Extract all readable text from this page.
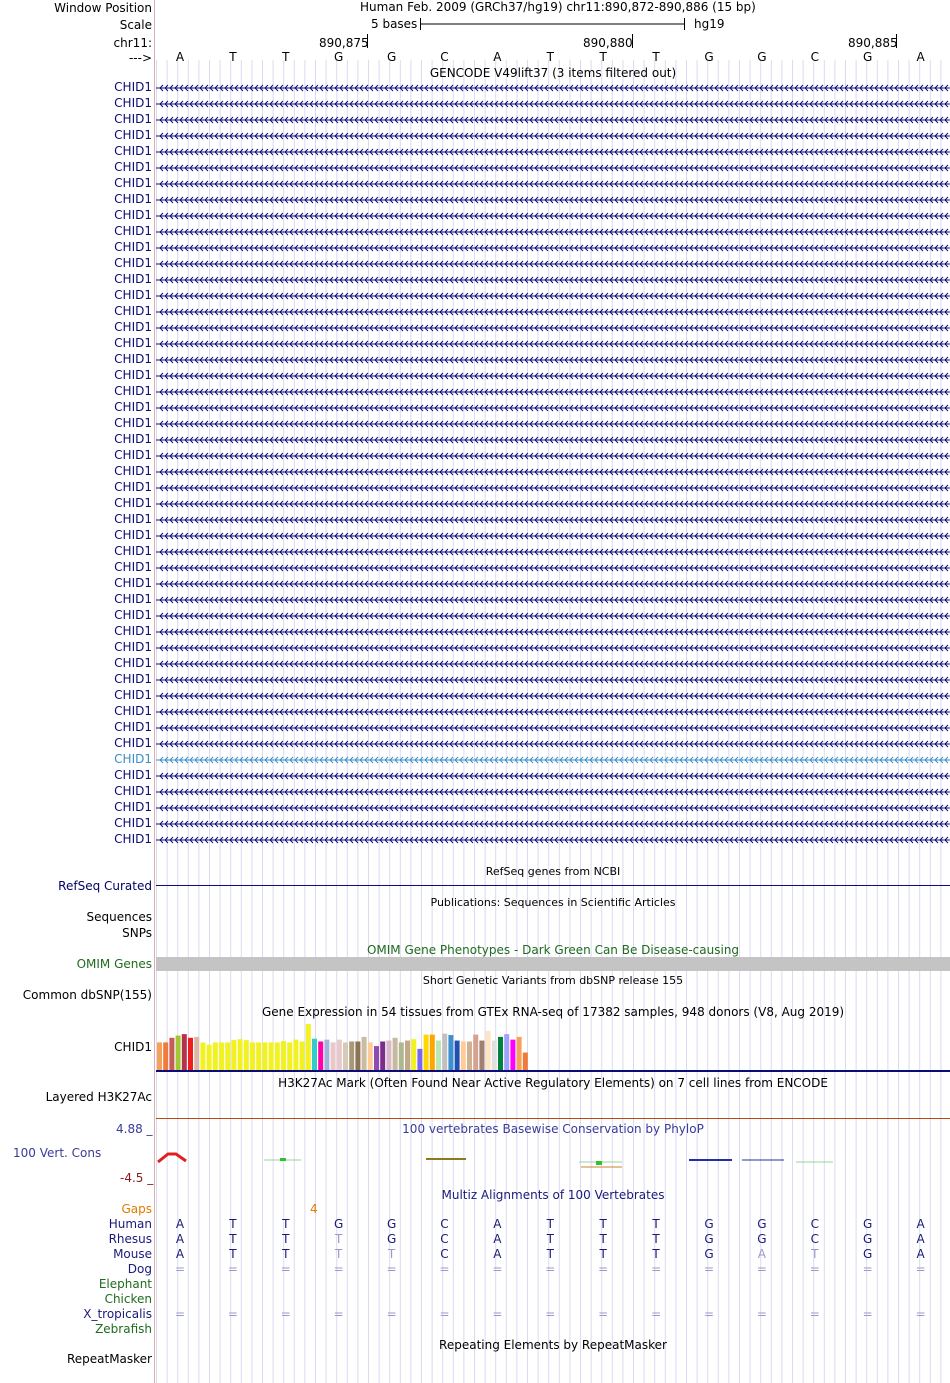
Window Position	Human Feb. 2009 (GRCh37/hg19) chr11:890,872-890,886 (15 bp)
Scale	5 bases	hg19
chr11:	890,875	890,880	890,885
--->	A	T	T	G	G	C	A	T	T	T	G	G	C	G	A
GENCODE V49lift37 (3 items filtered out)
CHID1
CHID1
CHID1
CHID1
CHID1
CHID1
CHID1
CHID1
CHID1
CHID1
CHID1
CHID1
CHID1
CHID1
CHID1
CHID1
CHID1
CHID1
CHID1
CHID1
CHID1
CHID1
CHID1
CHID1
CHID1
CHID1
CHID1
CHID1
CHID1
CHID1
CHID1
CHID1
CHID1
CHID1
CHID1
CHID1
CHID1
CHID1
CHID1
CHID1
CHID1
CHID1
CHID1
CHID1
CHID1
CHID1
CHID1
CHID1
RefSeq genes from NCBI
RefSeq Curated
Publications: Sequences in Scientific Articles
Sequences
SNPs
OMIM Gene Phenotypes - Dark Green Can Be Disease-causing
OMIM Genes
Short Genetic Variants from dbSNP release 155
Common dbSNP(155)
Gene Expression in 54 tissues from GTEx RNA-seq of 17382 samples, 948 donors (V8, Aug 2019)
CHID1
H3K27Ac Mark (Often Found Near Active Regulatory Elements) on 7 cell lines from ENCODE
Layered H3K27Ac
100 vertebrates Basewise Conservation by PhyloP
4.88 _
100 Vert. Cons
-4.5 _
Multiz Alignments of 100 Vertebrates
Gaps	4
Human	A	T	T	G	G	C	A	T	T	T	G	G	C	G	A
Rhesus	A	T	T	T	G	C	A	T	T	T	G	G	C	G	A
Mouse	A	T	T	T	T	C	A	T	T	T	G	A	T	G	A
Dog	=	=	=	=	=	=	=	=	=	=	=	=	=	=	=
Elephant
Chicken
X_tropicalis	=	=	=	=	=	=	=	=	=	=	=	=	=	=	=
Zebrafish
Repeating Elements by RepeatMasker
RepeatMasker
